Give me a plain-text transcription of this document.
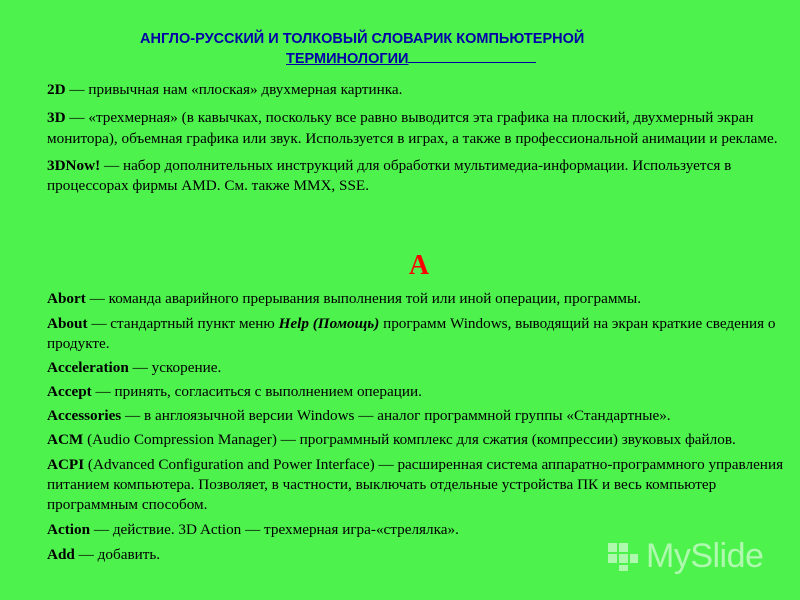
АНГЛО-РУССКИЙ И ТОЛКОВЫЙ СЛОВАРИК КОМПЬЮТЕРНОЙ
ТЕРМИНОЛОГИИ

2D — привычная нам «плоская» двухмерная картинка.

3D — «трехмерная» (в кавычках, поскольку все равно выводится эта графика на плоский, двухмерный экран монитора), объемная графика или звук. Используется в играх, а также в профессиональной анимации и рекламе.

3DNow! — набор дополнительных инструкций для обработки мультимедиа-информации. Используется в процессорах фирмы AMD. См. также MMX, SSE.

A

Abort — команда аварийного прерывания выполнения той или иной операции, программы.

About — стандартный пункт меню Help (Помощь) программ Windows, выводящий на экран краткие сведения о продукте.

Acceleration — ускорение.

Accept — принять, согласиться с выполнением операции.

Accessories — в англоязычной версии Windows — аналог программной группы «Стандартные».

ACM (Audio Compression Manager) — программный комплекс для сжатия (компрессии) звуковых файлов.

ACPI (Advanced Configuration and Power Interface) — расширенная система аппаратно-программного управления питанием компьютера. Позволяет, в частности, выключать отдельные устройства ПК и весь компьютер программным способом.

Action — действие. 3D Action — трехмерная игра-«стрелялка».

Add — добавить.	MySlide
